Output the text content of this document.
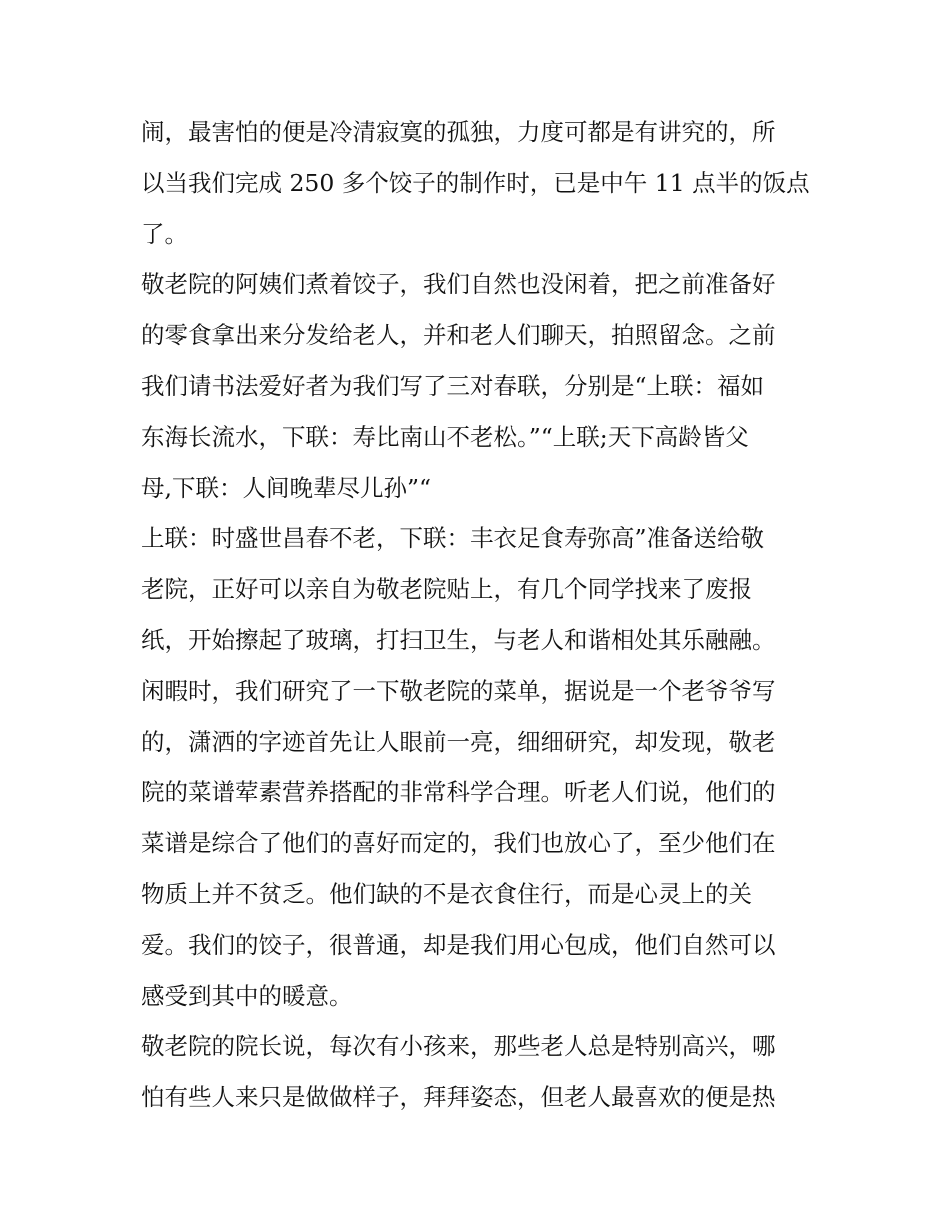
闹，最害怕的便是冷清寂寞的孤独，力度可都是有讲究的，所
以当我们完成 250 多个饺子的制作时，已是中午 11 点半的饭点
了。
敬老院的阿姨们煮着饺子，我们自然也没闲着，把之前准备好
的零食拿出来分发给老人，并和老人们聊天，拍照留念。之前
我们请书法爱好者为我们写了三对春联，分别是“上联：福如
东海长流水，下联：寿比南山不老松。”“上联;天下高龄皆父
母,下联：人间晚辈尽儿孙”“
上联：时盛世昌春不老，下联：丰衣足食寿弥高”准备送给敬
老院，正好可以亲自为敬老院贴上，有几个同学找来了废报
纸，开始擦起了玻璃，打扫卫生，与老人和谐相处其乐融融。
闲暇时，我们研究了一下敬老院的菜单，据说是一个老爷爷写
的，潇洒的字迹首先让人眼前一亮，细细研究，却发现，敬老
院的菜谱荤素营养搭配的非常科学合理。听老人们说，他们的
菜谱是综合了他们的喜好而定的，我们也放心了，至少他们在
物质上并不贫乏。他们缺的不是衣食住行，而是心灵上的关
爱。我们的饺子，很普通，却是我们用心包成，他们自然可以
感受到其中的暖意。
敬老院的院长说，每次有小孩来，那些老人总是特别高兴，哪
怕有些人来只是做做样子，拜拜姿态，但老人最喜欢的便是热
